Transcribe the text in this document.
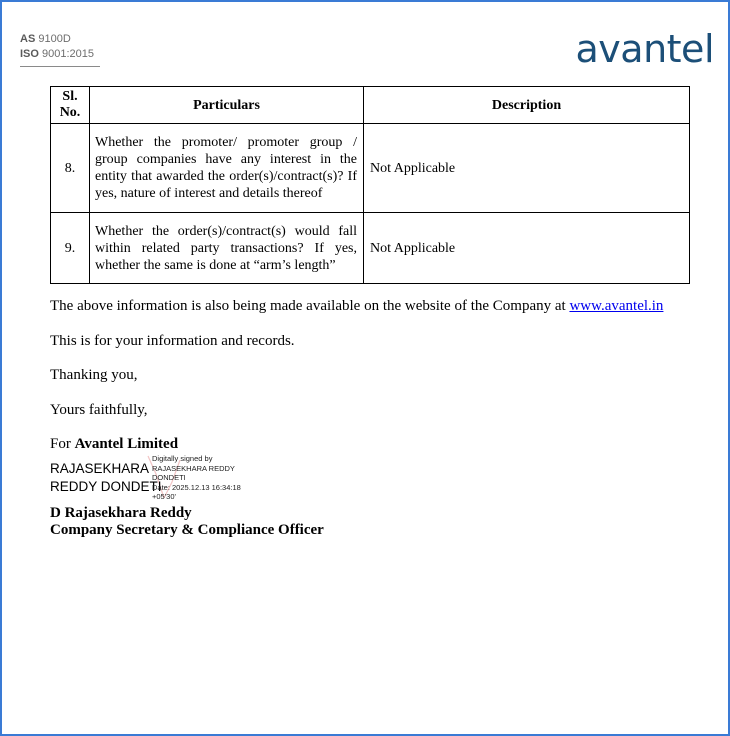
AS 9100D
ISO 9001:2015	avantel
Sl.
No.	Particulars	Description
8.	Whether the promoter/ promoter group / group companies have any interest in the entity that awarded the order(s)/contract(s)? If yes, nature of interest and details thereof	Not Applicable
9.	Whether the order(s)/contract(s) would fall within related party transactions? If yes, whether the same is done at “arm’s length”	Not Applicable
The above information is also being made available on the website of the Company at www.avantel.in
This is for your information and records.
Thanking you,
Yours faithfully,
For Avantel Limited
RAJASEKHARA
REDDY DONDETI
Digitally signed by
RAJASEKHARA REDDY
DONDETI
Date: 2025.12.13 16:34:18
+05'30'
D Rajasekhara Reddy
Company Secretary & Compliance Officer
